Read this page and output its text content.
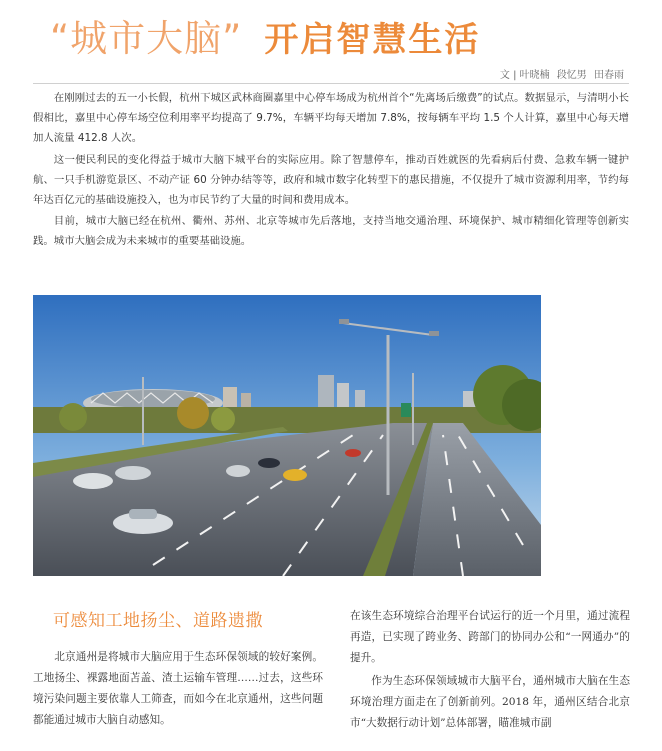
“城市大脑” 开启智慧生活
文 | 叶晓楠 段忆男 田春雨

在刚刚过去的五一小长假，杭州下城区武林商圈嘉里中心停车场成为杭州首个“先离场后缴费”的试点。数据显示，与清明小长假相比，嘉里中心停车场空位利用率平均提高了 9.7%，车辆平均每天增加 7.8%，按每辆车平均 1.5 个人计算，嘉里中心每天增加人流量 412.8 人次。

这一便民利民的变化得益于城市大脑下城平台的实际应用。除了智慧停车，推动百姓就医的先看病后付费、急救车辆一键护航、一只手机游览景区、不动产证 60 分钟办结等等，政府和城市数字化转型下的惠民措施，不仅提升了城市资源利用率，节约每年达百亿元的基础设施投入，也为市民节约了大量的时间和费用成本。

目前，城市大脑已经在杭州、衢州、苏州、北京等城市先后落地，支持当地交通治理、环境保护、城市精细化管理等创新实践。城市大脑会成为未来城市的重要基础设施。

可感知工地扬尘、道路遗撒

北京通州是将城市大脑应用于生态环保领域的较好案例。工地扬尘、裸露地面苫盖、渣土运输车管理……过去，这些环境污染问题主要依靠人工筛查，而如今在北京通州，这些问题都能通过城市大脑自动感知。

在该生态环境综合治理平台试运行的近一个月里，通过流程再造，已实现了跨业务、跨部门的协同办公和“一网通办”的提升。

作为生态环保领域城市大脑平台，通州城市大脑在生态环境治理方面走在了创新前列。2018 年，通州区结合北京市“大数据行动计划”总体部署，瞄准城市副
